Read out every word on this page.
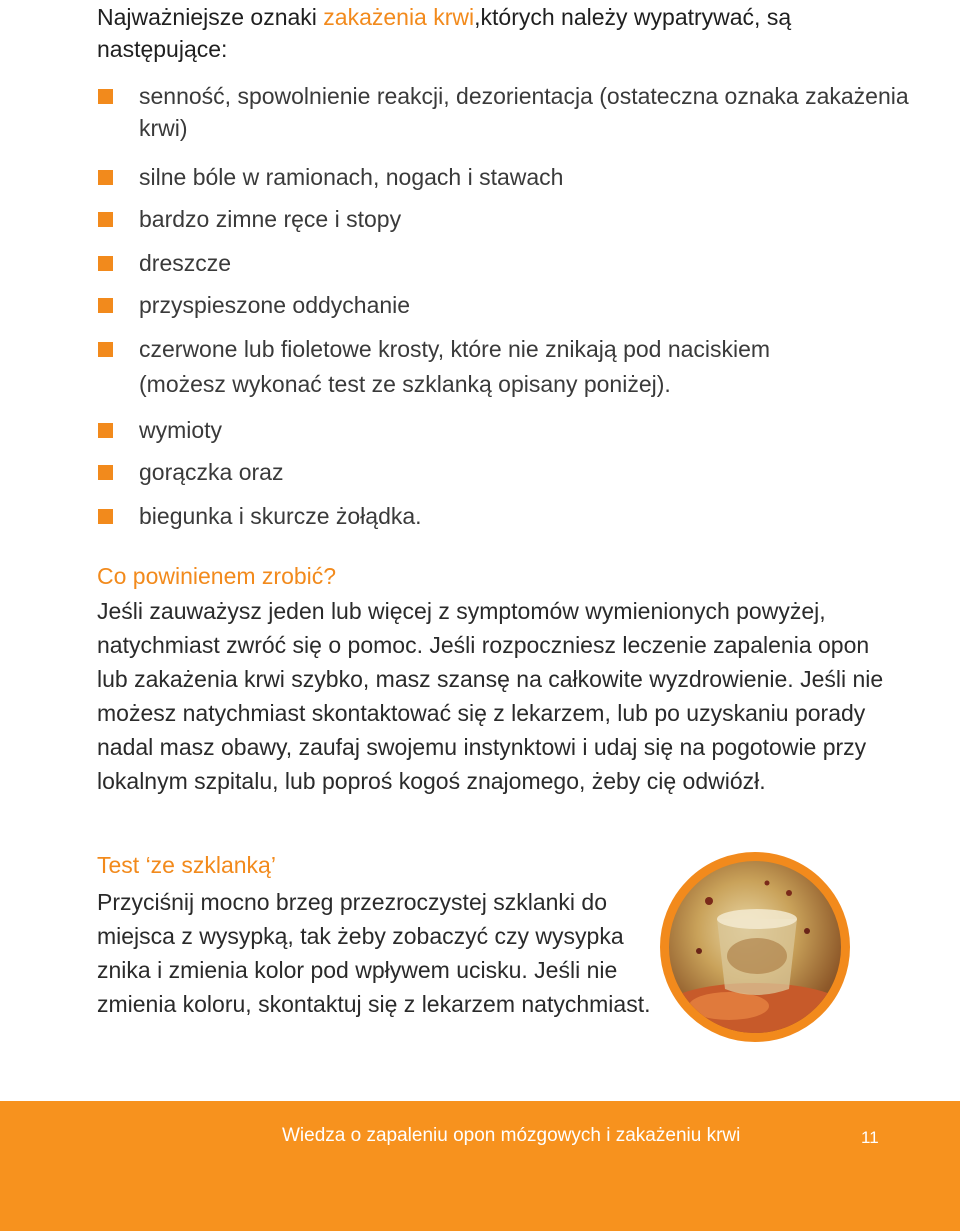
Najważniejsze oznaki zakażenia krwi,których należy wypatrywać, są następujące:
senność, spowolnienie reakcji, dezorientacja (ostateczna oznaka zakażenia krwi)
silne bóle w ramionach, nogach i stawach
bardzo zimne ręce i stopy
dreszcze
przyspieszone oddychanie
czerwone lub fioletowe krosty, które nie znikają pod naciskiem
(możesz wykonać test ze szklanką opisany poniżej).
wymioty
gorączka oraz
biegunka i skurcze żołądka.
Co powinienem zrobić?
Jeśli zauważysz jeden lub więcej z symptomów wymienionych powyżej, natychmiast zwróć się o pomoc. Jeśli rozpoczniesz leczenie zapalenia opon lub zakażenia krwi szybko, masz szansę na całkowite wyzdrowienie. Jeśli nie możesz natychmiast skontaktować się z lekarzem, lub po uzyskaniu porady nadal masz obawy, zaufaj swojemu instynktowi i udaj się na pogotowie przy lokalnym szpitalu, lub poproś kogoś znajomego, żeby cię odwiózł.
Test ‘ze szklanką’
Przyciśnij mocno brzeg przezroczystej szklanki do miejsca z wysypką, tak żeby zobaczyć czy wysypka znika i zmienia kolor pod wpływem ucisku. Jeśli nie zmienia koloru, skontaktuj się z lekarzem natychmiast.
Wiedza o zapaleniu opon mózgowych i zakażeniu krwi	11
